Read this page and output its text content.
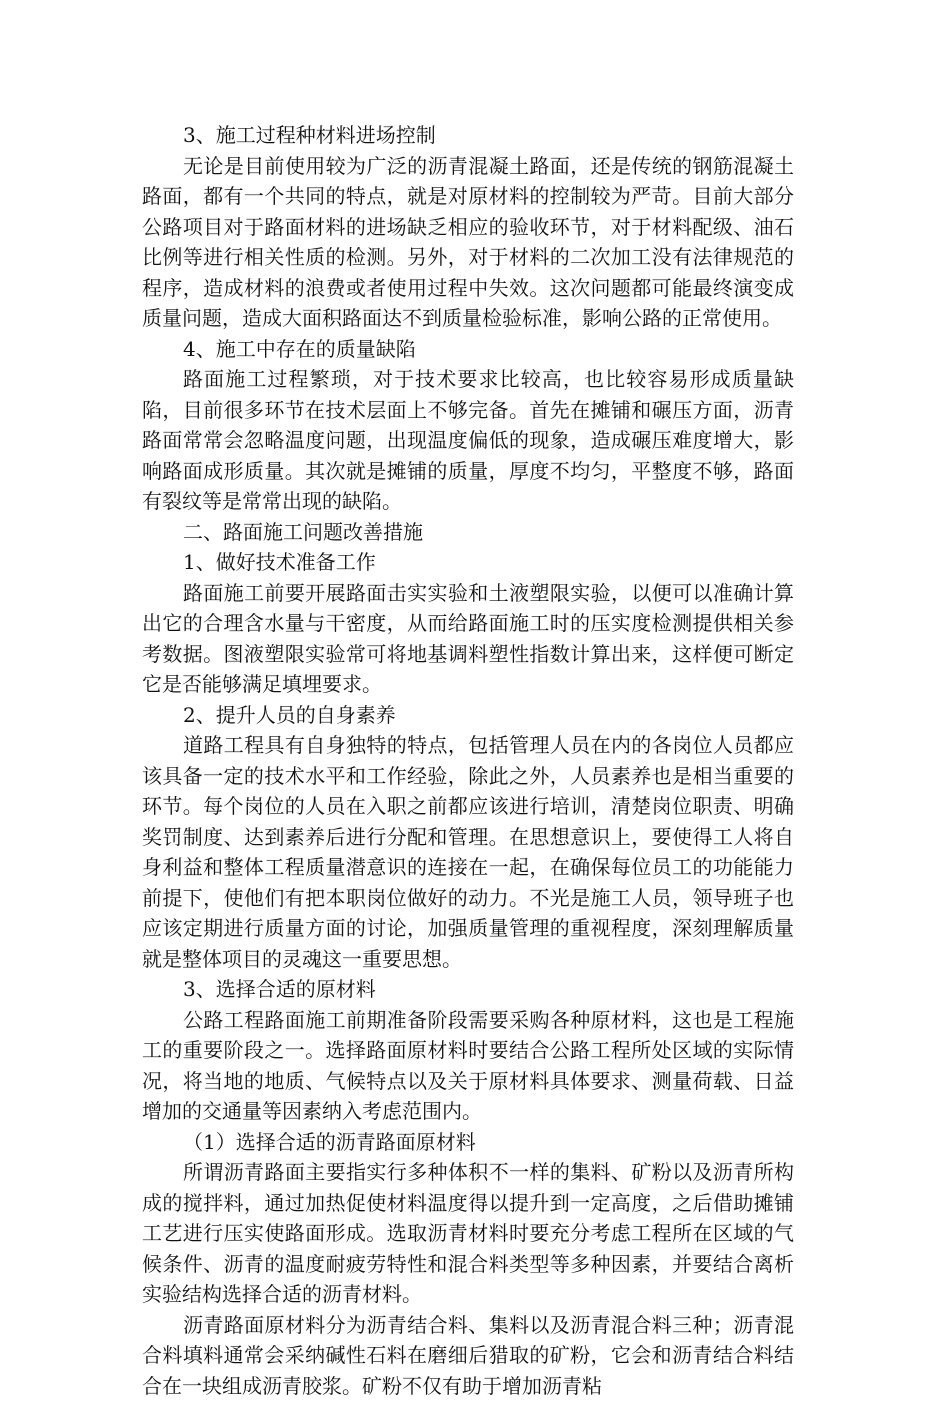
3、施工过程种材料进场控制

无论是目前使用较为广泛的沥青混凝土路面，还是传统的钢筋混凝土路面，都有一个共同的特点，就是对原材料的控制较为严苛。目前大部分公路项目对于路面材料的进场缺乏相应的验收环节，对于材料配级、油石比例等进行相关性质的检测。另外，对于材料的二次加工没有法律规范的程序，造成材料的浪费或者使用过程中失效。这次问题都可能最终演变成质量问题，造成大面积路面达不到质量检验标准，影响公路的正常使用。

4、施工中存在的质量缺陷

路面施工过程繁琐，对于技术要求比较高，也比较容易形成质量缺陷，目前很多环节在技术层面上不够完备。首先在摊铺和碾压方面，沥青路面常常会忽略温度问题，出现温度偏低的现象，造成碾压难度增大，影响路面成形质量。其次就是摊铺的质量，厚度不均匀，平整度不够，路面有裂纹等是常常出现的缺陷。

二、路面施工问题改善措施

1、做好技术准备工作

路面施工前要开展路面击实实验和土液塑限实验，以便可以准确计算出它的合理含水量与干密度，从而给路面施工时的压实度检测提供相关参考数据。图液塑限实验常可将地基调料塑性指数计算出来，这样便可断定它是否能够满足填埋要求。

2、提升人员的自身素养

道路工程具有自身独特的特点，包括管理人员在内的各岗位人员都应该具备一定的技术水平和工作经验，除此之外，人员素养也是相当重要的环节。每个岗位的人员在入职之前都应该进行培训，清楚岗位职责、明确奖罚制度、达到素养后进行分配和管理。在思想意识上，要使得工人将自身利益和整体工程质量潜意识的连接在一起，在确保每位员工的功能能力前提下，使他们有把本职岗位做好的动力。不光是施工人员，领导班子也应该定期进行质量方面的讨论，加强质量管理的重视程度，深刻理解质量就是整体项目的灵魂这一重要思想。

3、选择合适的原材料

公路工程路面施工前期准备阶段需要采购各种原材料，这也是工程施工的重要阶段之一。选择路面原材料时要结合公路工程所处区域的实际情况，将当地的地质、气候特点以及关于原材料具体要求、测量荷载、日益增加的交通量等因素纳入考虑范围内。

（1）选择合适的沥青路面原材料

所谓沥青路面主要指实行多种体积不一样的集料、矿粉以及沥青所构成的搅拌料，通过加热促使材料温度得以提升到一定高度，之后借助摊铺工艺进行压实使路面形成。选取沥青材料时要充分考虑工程所在区域的气候条件、沥青的温度耐疲劳特性和混合料类型等多种因素，并要结合离析实验结构选择合适的沥青材料。

沥青路面原材料分为沥青结合料、集料以及沥青混合料三种；沥青混合料填料通常会采纳碱性石料在磨细后猎取的矿粉，它会和沥青结合料结合在一块组成沥青胶浆。矿粉不仅有助于增加沥青粘
